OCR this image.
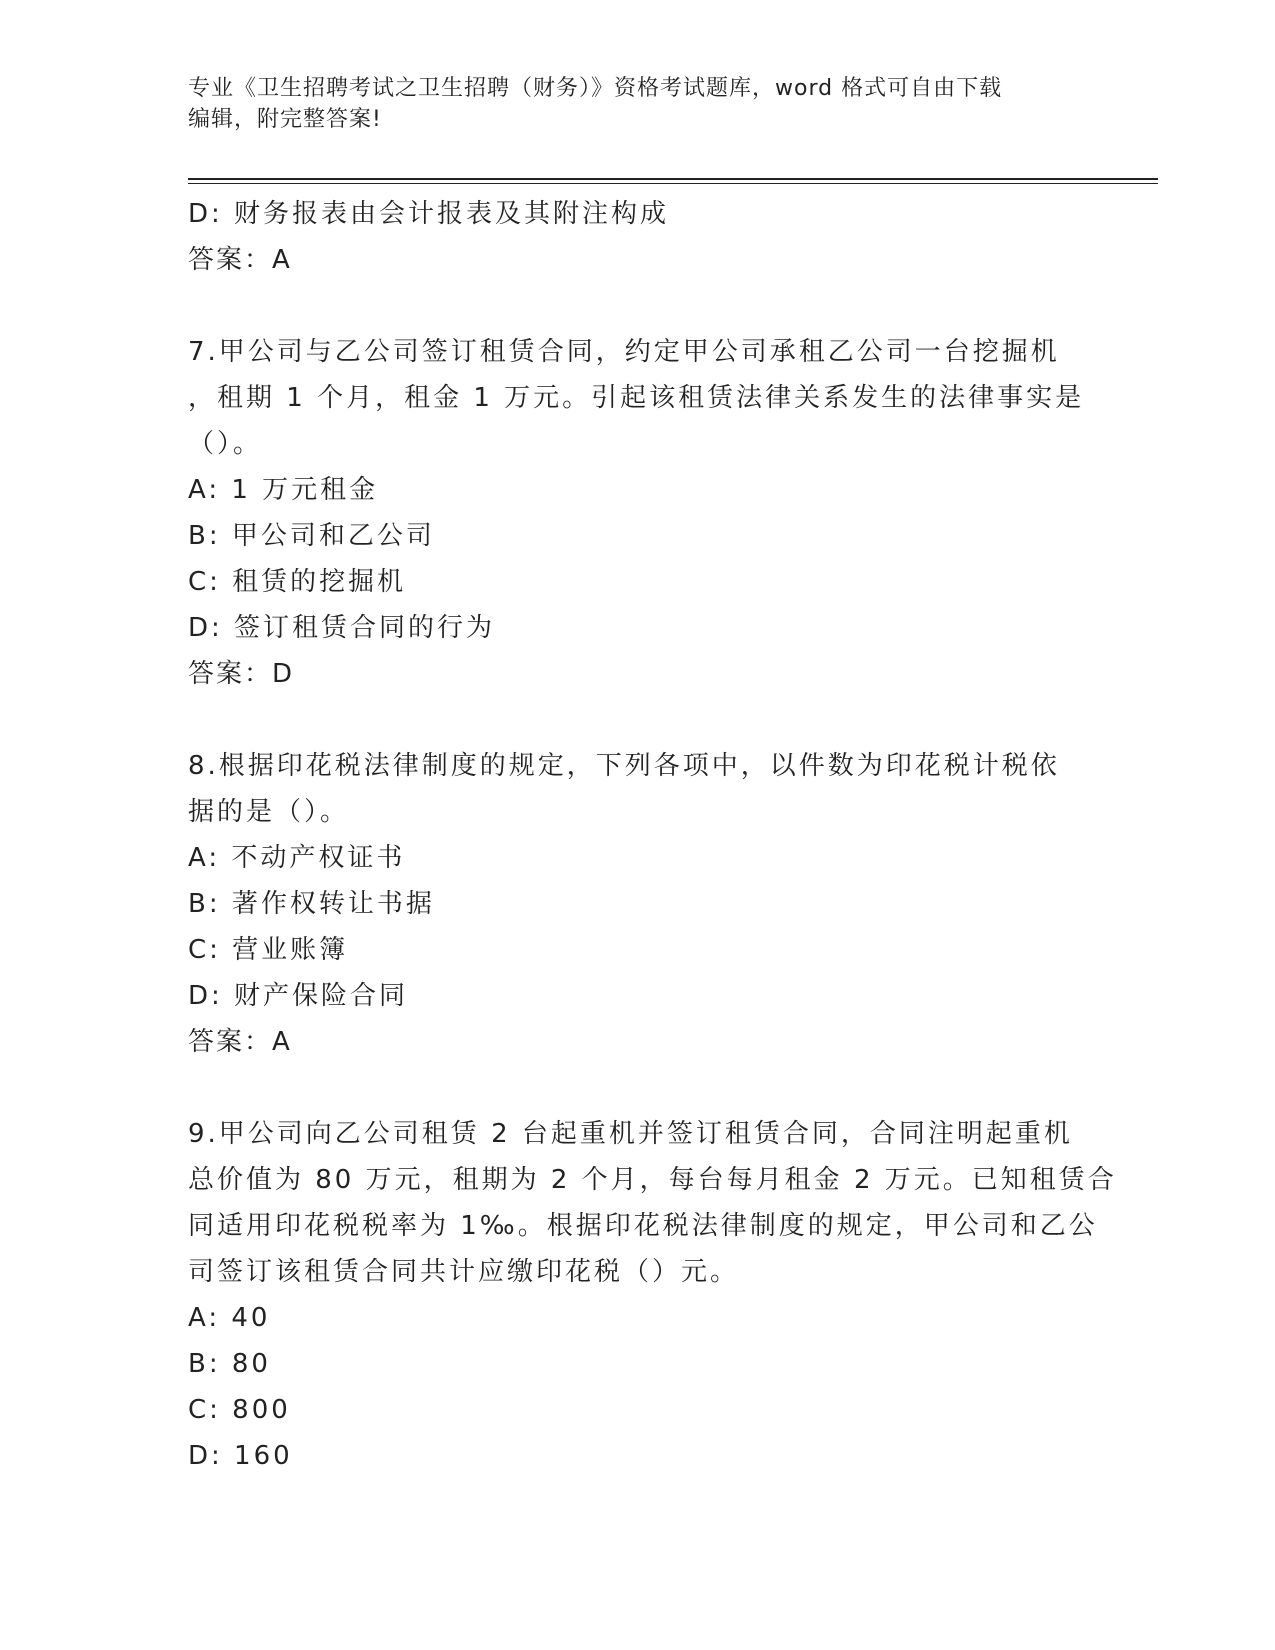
专业《卫生招聘考试之卫生招聘（财务）》资格考试题库，word 格式可自由下载
编辑，附完整答案!
D: 财务报表由会计报表及其附注构成
答案：A
7.甲公司与乙公司签订租赁合同，约定甲公司承租乙公司一台挖掘机
，租期 1 个月，租金 1 万元。引起该租赁法律关系发生的法律事实是
（）。
A: 1 万元租金
B: 甲公司和乙公司
C: 租赁的挖掘机
D: 签订租赁合同的行为
答案：D
8.根据印花税法律制度的规定，下列各项中，以件数为印花税计税依
据的是（）。
A: 不动产权证书
B: 著作权转让书据
C: 营业账簿
D: 财产保险合同
答案：A
9.甲公司向乙公司租赁 2 台起重机并签订租赁合同，合同注明起重机
总价值为 80 万元，租期为 2 个月，每台每月租金 2 万元。已知租赁合
同适用印花税税率为 1‰。根据印花税法律制度的规定，甲公司和乙公
司签订该租赁合同共计应缴印花税（）元。
A: 40
B: 80
C: 800
D: 160
